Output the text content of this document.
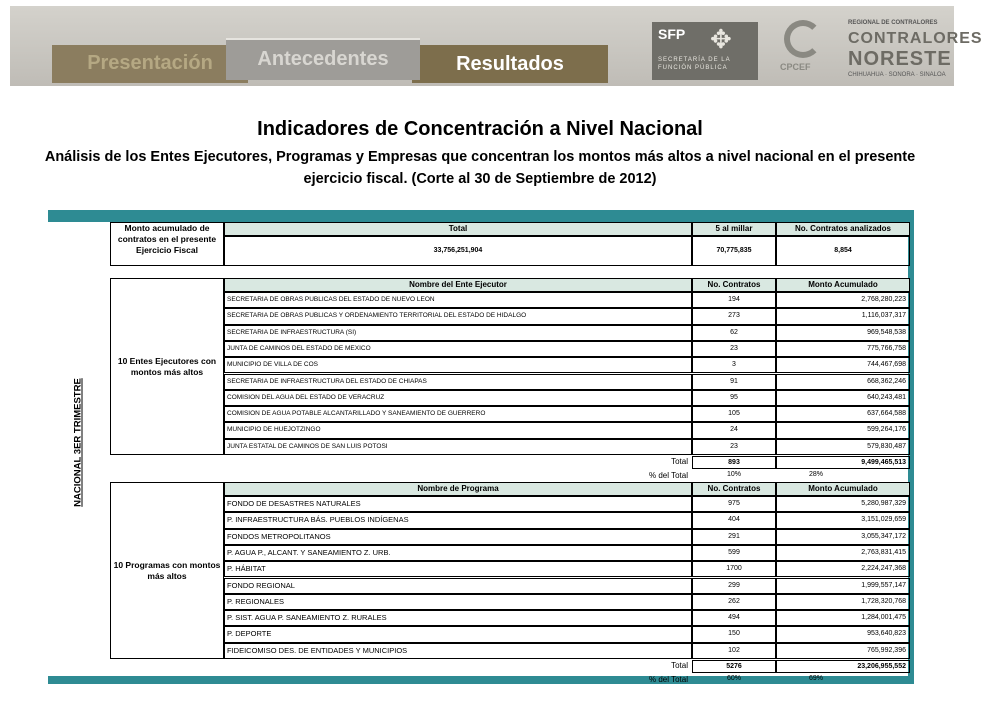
Presentación	Resultados
Antecedentes
SFP ✥
SECRETARÍA DE LA FUNCIÓN PÚBLICA	CPCEF
REGIONAL DE CONTRALORES
CONTRALORES
NORESTE
CHIHUAHUA · SONORA · SINALOA
Indicadores de Concentración a Nivel Nacional
Análisis de los Entes Ejecutores, Programas y Empresas que concentran los montos más altos a nivel nacional en el presente ejercicio fiscal. (Corte al 30 de Septiembre de 2012)
NACIONAL 3ER TRIMESTRE
Monto acumulado de contratos en el presente Ejercicio Fiscal
Total	5 al millar	No. Contratos analizados
33,756,251,904	70,775,835	8,854
10 Entes Ejecutores con montos más altos
Nombre del Ente Ejecutor	No. Contratos	Monto Acumulado
SECRETARIA DE OBRAS PUBLICAS DEL ESTADO DE NUEVO LEON	194	2,768,280,223
SECRETARIA DE OBRAS PUBLICAS Y ORDENAMIENTO TERRITORIAL DEL ESTADO DE HIDALGO	273	1,116,037,317
SECRETARIA DE INFRAESTRUCTURA (SI)	62	969,548,538
JUNTA DE CAMINOS DEL ESTADO DE MEXICO	23	775,766,758
MUNICIPIO DE VILLA DE COS	3	744,467,698
SECRETARIA DE INFRAESTRUCTURA DEL ESTADO DE CHIAPAS	91	668,362,246
COMISION DEL AGUA DEL ESTADO DE VERACRUZ	95	640,243,481
COMISION DE AGUA POTABLE ALCANTARILLADO Y SANEAMIENTO DE GUERRERO	105	637,664,588
MUNICIPIO DE HUEJOTZINGO	24	599,264,176
JUNTA ESTATAL DE CAMINOS DE SAN LUIS POTOSI	23	579,830,487
Total	893	9,499,465,513
% del Total	10%	28%
10 Programas con montos más altos
Nombre de Programa	No. Contratos	Monto Acumulado
FONDO DE DESASTRES NATURALES	975	5,280,987,329
P. INFRAESTRUCTURA BÁS. PUEBLOS INDÍGENAS	404	3,151,029,659
FONDOS METROPOLITANOS	291	3,055,347,172
P. AGUA P., ALCANT. Y SANEAMIENTO Z. URB.	599	2,763,831,415
P. HÁBITAT	1700	2,224,247,368
FONDO REGIONAL	299	1,999,557,147
P. REGIONALES	262	1,728,320,768
P. SIST. AGUA P. SANEAMIENTO Z. RURALES	494	1,284,001,475
P. DEPORTE	150	953,640,823
FIDEICOMISO DES. DE ENTIDADES Y MUNICIPIOS	102	765,992,396
Total	5276	23,206,955,552
% del Total	60%	69%
